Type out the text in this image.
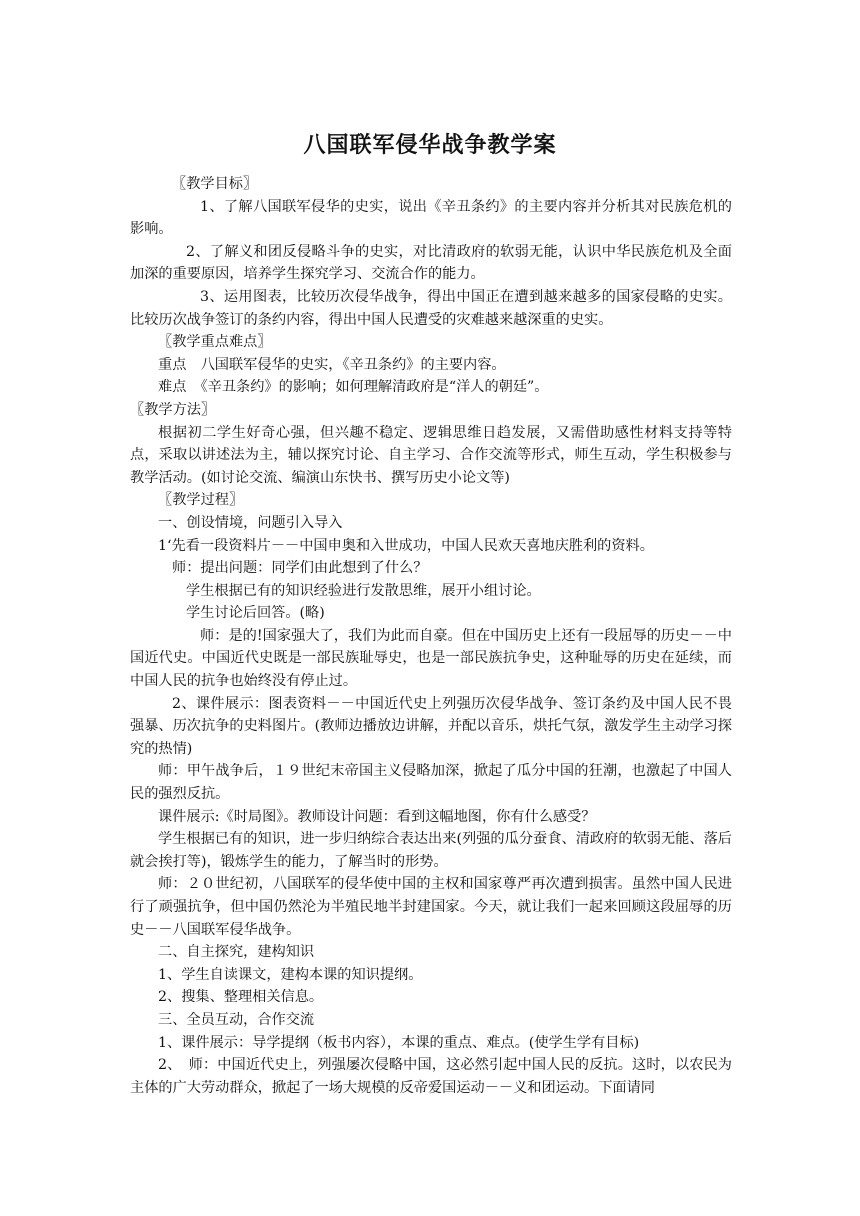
八国联军侵华战争教学案

〖教学目标〗

1、了解八国联军侵华的史实，说出《辛丑条约》的主要内容并分析其对民族危机的影响。

2、了解义和团反侵略斗争的史实，对比清政府的软弱无能，认识中华民族危机及全面加深的重要原因，培养学生探究学习、交流合作的能力。

3、运用图表，比较历次侵华战争，得出中国正在遭到越来越多的国家侵略的史实。比较历次战争签订的条约内容，得出中国人民遭受的灾难越来越深重的史实。

〖教学重点难点〗

重点　八国联军侵华的史实，《辛丑条约》的主要内容。

难点　《辛丑条约》的影响；如何理解清政府是“洋人的朝廷”。

〖教学方法〗

根据初二学生好奇心强，但兴趣不稳定、逻辑思维日趋发展，又需借助感性材料支持等特点，采取以讲述法为主，辅以探究讨论、自主学习、合作交流等形式，师生互动，学生积极参与教学活动。(如讨论交流、编演山东快书、撰写历史小论文等)

〖教学过程〗

一、创设情境，问题引入导入

1‘先看一段资料片－－中国申奥和入世成功，中国人民欢天喜地庆胜利的资料。

师：提出问题：同学们由此想到了什么？

学生根据已有的知识经验进行发散思维，展开小组讨论。

学生讨论后回答。(略)

师：是的!国家强大了，我们为此而自豪。但在中国历史上还有一段屈辱的历史－－中国近代史。中国近代史既是一部民族耻辱史，也是一部民族抗争史，这种耻辱的历史在延续，而中国人民的抗争也始终没有停止过。

2、课件展示：图表资料－－中国近代史上列强历次侵华战争、签订条约及中国人民不畏强暴、历次抗争的史料图片。(教师边播放边讲解，并配以音乐，烘托气氛，激发学生主动学习探究的热情)

师：甲午战争后，１９世纪末帝国主义侵略加深，掀起了瓜分中国的狂潮，也激起了中国人民的强烈反抗。

课件展示:《时局图》。教师设计问题：看到这幅地图，你有什么感受？

学生根据已有的知识，进一步归纳综合表达出来(列强的瓜分蚕食、清政府的软弱无能、落后就会挨打等)，锻炼学生的能力，了解当时的形势。

师：２０世纪初，八国联军的侵华使中国的主权和国家尊严再次遭到损害。虽然中国人民进行了顽强抗争，但中国仍然沦为半殖民地半封建国家。今天，就让我们一起来回顾这段屈辱的历史－－八国联军侵华战争。

二、自主探究，建构知识

1、学生自读课文，建构本课的知识提纲。

2、搜集、整理相关信息。

三、全员互动，合作交流

1、课件展示：导学提纲（板书内容），本课的重点、难点。(使学生学有目标)

2、　师：中国近代史上，列强屡次侵略中国，这必然引起中国人民的反抗。这时，以农民为主体的广大劳动群众，掀起了一场大规模的反帝爱国运动－－义和团运动。下面请同
